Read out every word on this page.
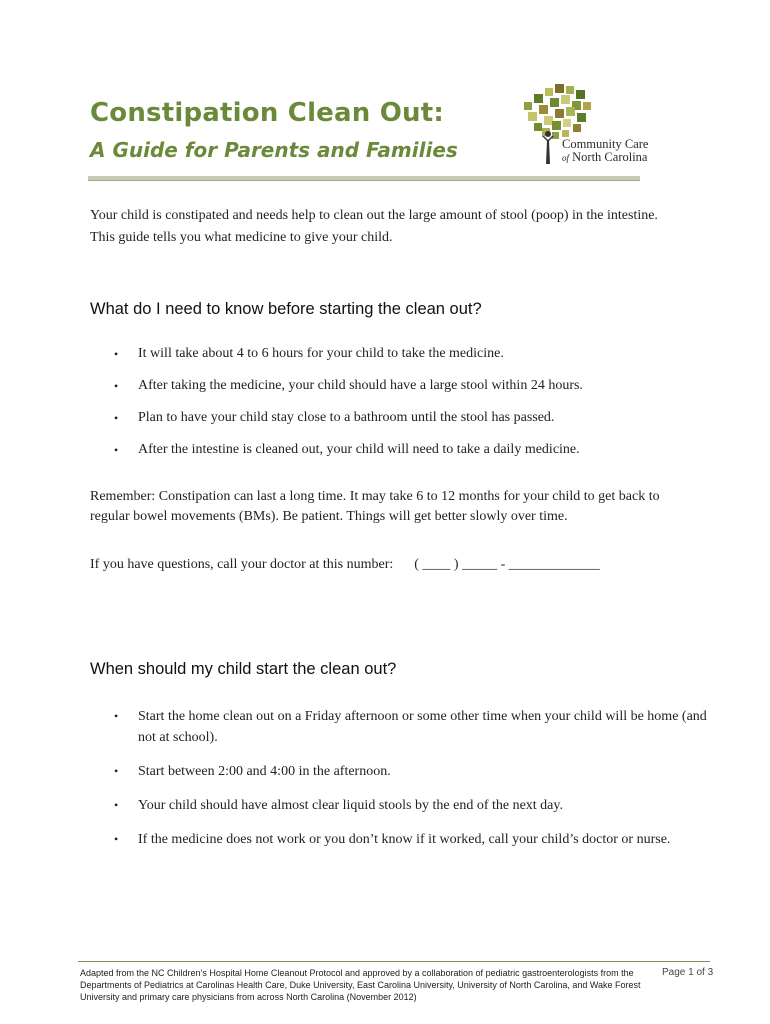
Constipation Clean Out:
A Guide for Parents and Families	Community Care
of North Carolina
Your child is constipated and needs help to clean out the large amount of stool (poop) in the intestine.
This guide tells you what medicine to give your child.
What do I need to know before starting the clean out?
• It will take about 4 to 6 hours for your child to take the medicine.
• After taking the medicine, your child should have a large stool within 24 hours.
• Plan to have your child stay close to a bathroom until the stool has passed.
• After the intestine is cleaned out, your child will need to take a daily medicine.
Remember: Constipation can last a long time. It may take 6 to 12 months for your child to get back to
regular bowel movements (BMs). Be patient. Things will get better slowly over time.
If you have questions, call your doctor at this number: ( ____ ) _____ - _____________
When should my child start the clean out?
• Start the home clean out on a Friday afternoon or some other time when your child will be home (and not at school).
• Start between 2:00 and 4:00 in the afternoon.
• Your child should have almost clear liquid stools by the end of the next day.
• If the medicine does not work or you don’t know if it worked, call your child’s doctor or nurse.
Adapted from the NC Children’s Hospital Home Cleanout Protocol and approved by a collaboration of pediatric gastroenterologists from the Departments of Pediatrics at Carolinas Health Care, Duke University, East Carolina University, University of North Carolina, and Wake Forest University and primary care physicians from across North Carolina (November 2012)
Page 1 of 3
